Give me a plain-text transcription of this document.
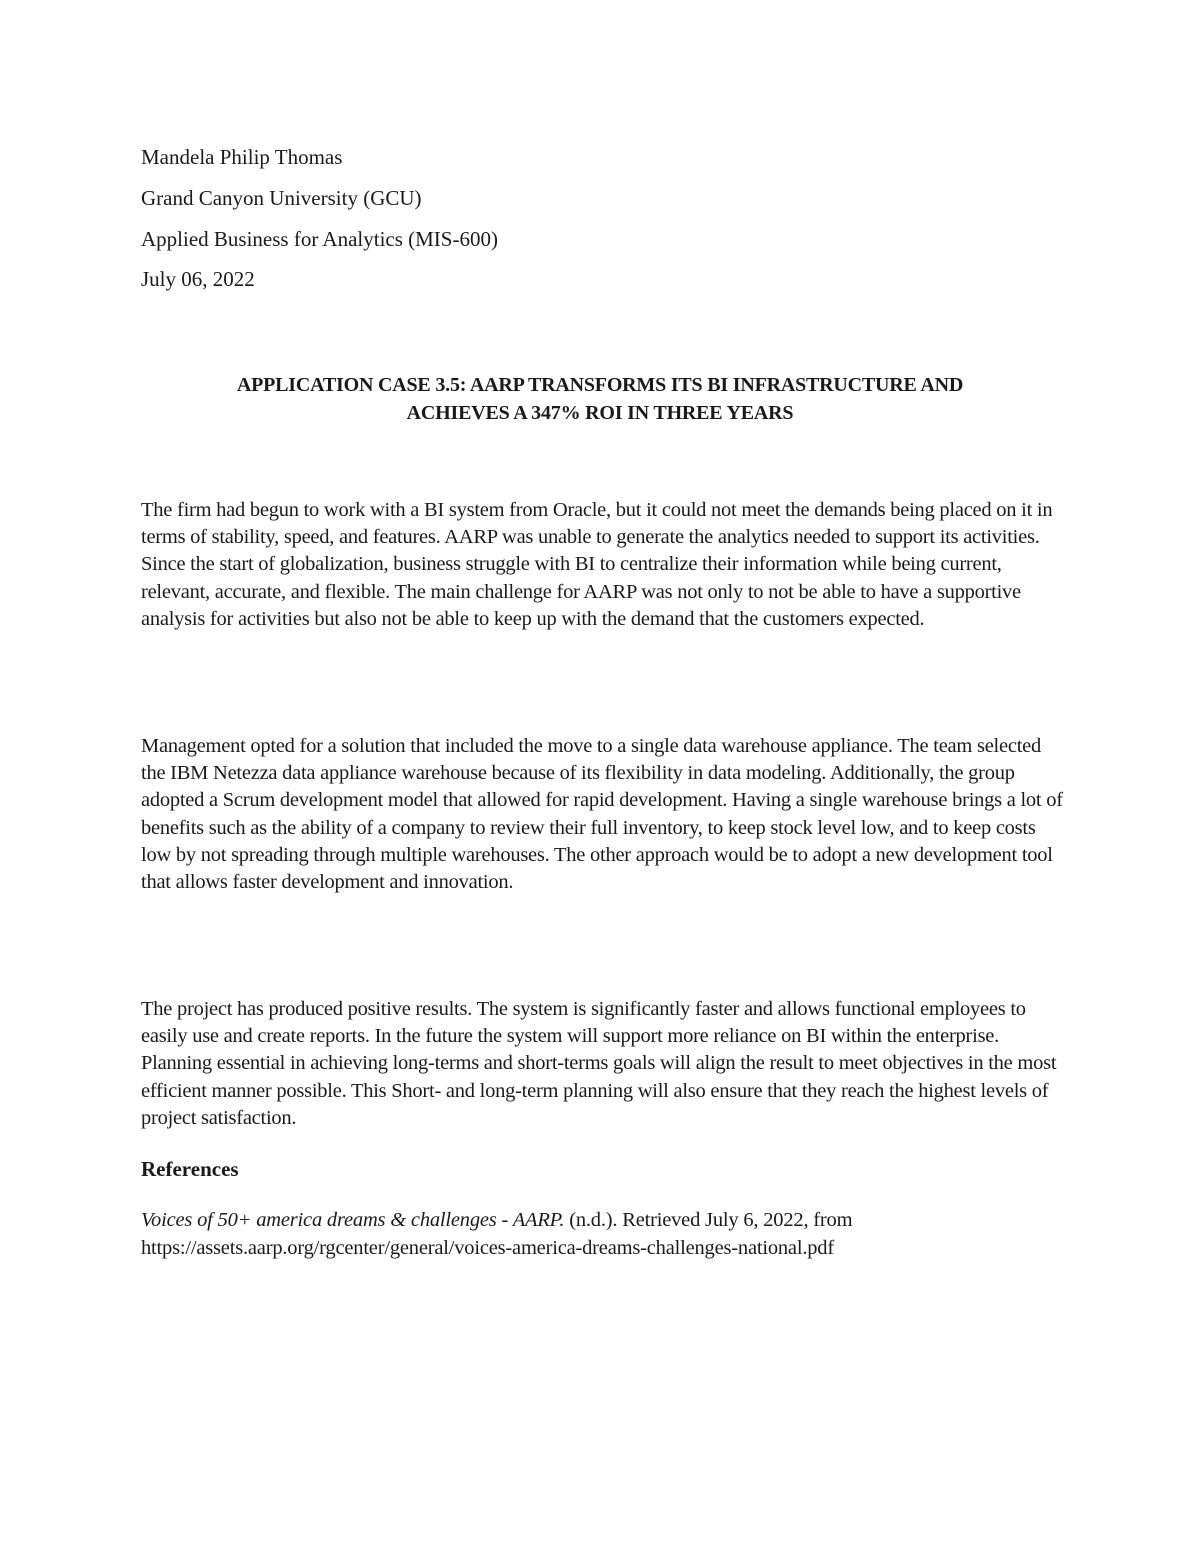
Mandela Philip Thomas

Grand Canyon University (GCU)

Applied Business for Analytics (MIS-600)

July 06, 2022

APPLICATION CASE 3.5: AARP TRANSFORMS ITS BI INFRASTRUCTURE AND
ACHIEVES A 347% ROI IN THREE YEARS

The firm had begun to work with a BI system from Oracle, but it could not meet the demands being placed on it in terms of stability, speed, and features. AARP was unable to generate the analytics needed to support its activities. Since the start of globalization, business struggle with BI to centralize their information while being current, relevant, accurate, and flexible. The main challenge for AARP was not only to not be able to have a supportive analysis for activities but also not be able to keep up with the demand that the customers expected.

Management opted for a solution that included the move to a single data warehouse appliance. The team selected the IBM Netezza data appliance warehouse because of its flexibility in data modeling. Additionally, the group adopted a Scrum development model that allowed for rapid development. Having a single warehouse brings a lot of benefits such as the ability of a company to review their full inventory, to keep stock level low, and to keep costs low by not spreading through multiple warehouses. The other approach would be to adopt a new development tool that allows faster development and innovation.

The project has produced positive results. The system is significantly faster and allows functional employees to easily use and create reports. In the future the system will support more reliance on BI within the enterprise. Planning essential in achieving long-terms and short-terms goals will align the result to meet objectives in the most efficient manner possible. This Short- and long-term planning will also ensure that they reach the highest levels of project satisfaction.

References

Voices of 50+ america dreams & challenges - AARP. (n.d.). Retrieved July 6, 2022, from https://assets.aarp.org/rgcenter/general/voices-america-dreams-challenges-national.pdf
